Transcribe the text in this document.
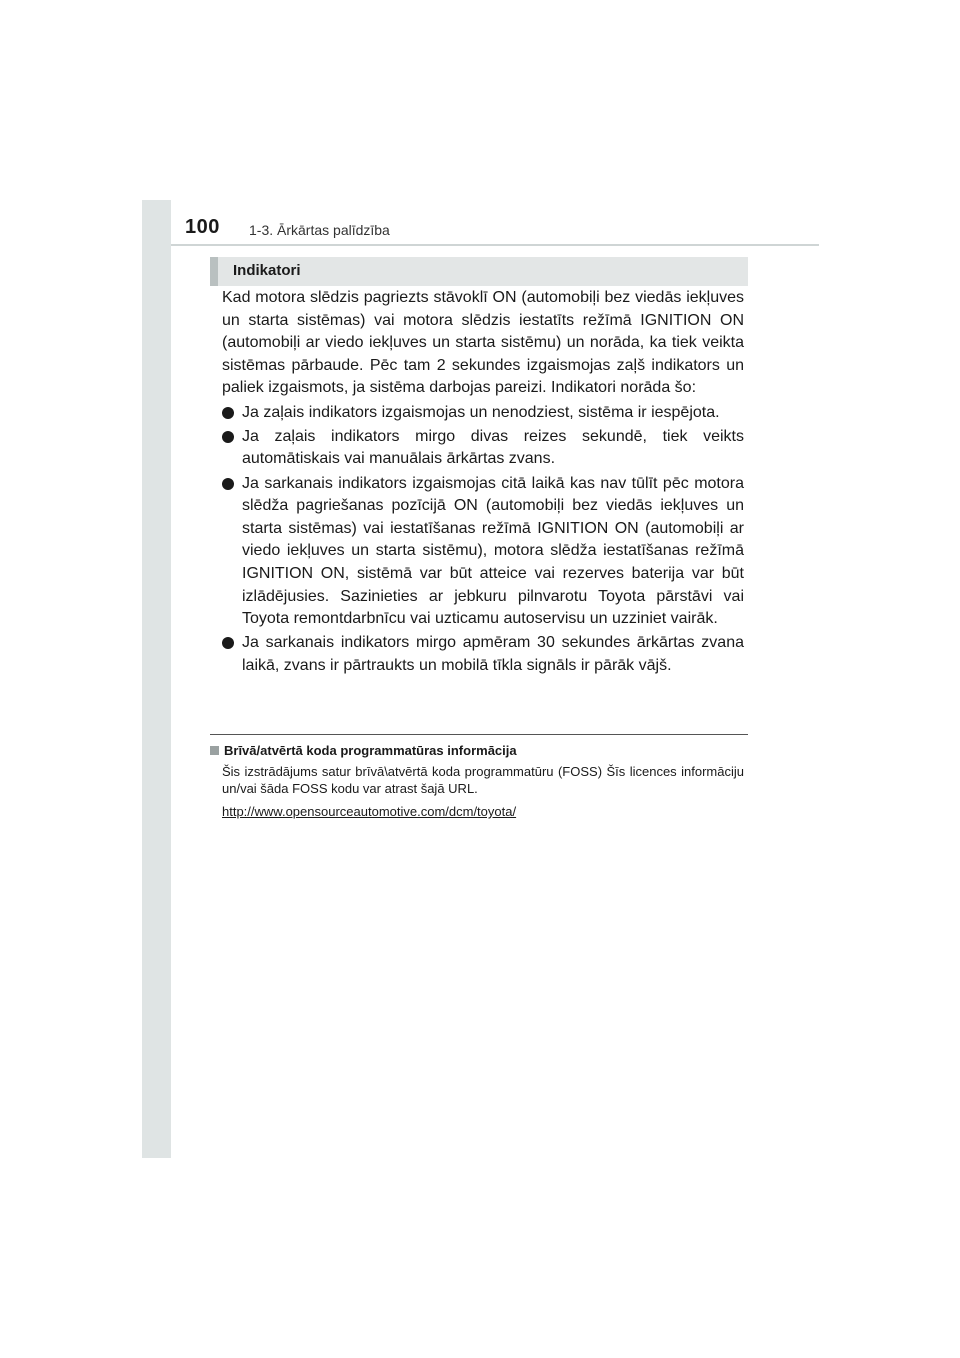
100 1-3. Ārkārtas palīdzība
Indikatori

Kad motora slēdzis pagriezts stāvoklī ON (automobiļi bez viedās iekļuves un starta sistēmas) vai motora slēdzis iestatīts režīmā IGNITION ON (automobiļi ar viedo iekļuves un starta sistēmu) un norāda, ka tiek veikta sistēmas pārbaude. Pēc tam 2 sekundes izgaismojas zaļš indikators un paliek izgaismots, ja sistēma darbojas pareizi. Indikatori norāda šo:

Ja zaļais indikators izgaismojas un nenodziest, sistēma ir iespējota.
Ja zaļais indikators mirgo divas reizes sekundē, tiek veikts automātiskais vai manuālais ārkārtas zvans.
Ja sarkanais indikators izgaismojas citā laikā kas nav tūlīt pēc motora slēdža pagriešanas pozīcijā ON (automobiļi bez viedās iekļuves un starta sistēmas) vai iestatīšanas režīmā IGNITION ON (automobiļi ar viedo iekļuves un starta sistēmu), motora slēdža iestatīšanas režīmā IGNITION ON, sistēmā var būt atteice vai rezerves baterija var būt izlādējusies. Sazinieties ar jebkuru pilnvarotu Toyota pārstāvi vai Toyota remontdarbnīcu vai uzticamu autoservisu un uzziniet vairāk.
Ja sarkanais indikators mirgo apmēram 30 sekundes ārkārtas zvana laikā, zvans ir pārtraukts un mobilā tīkla signāls ir pārāk vājš.
Brīvā/atvērtā koda programmatūras informācija
Šis izstrādājums satur brīvā\atvērtā koda programmatūru (FOSS) Šīs licences informāciju un/vai šāda FOSS kodu var atrast šajā URL.
http://www.opensourceautomotive.com/dcm/toyota/
